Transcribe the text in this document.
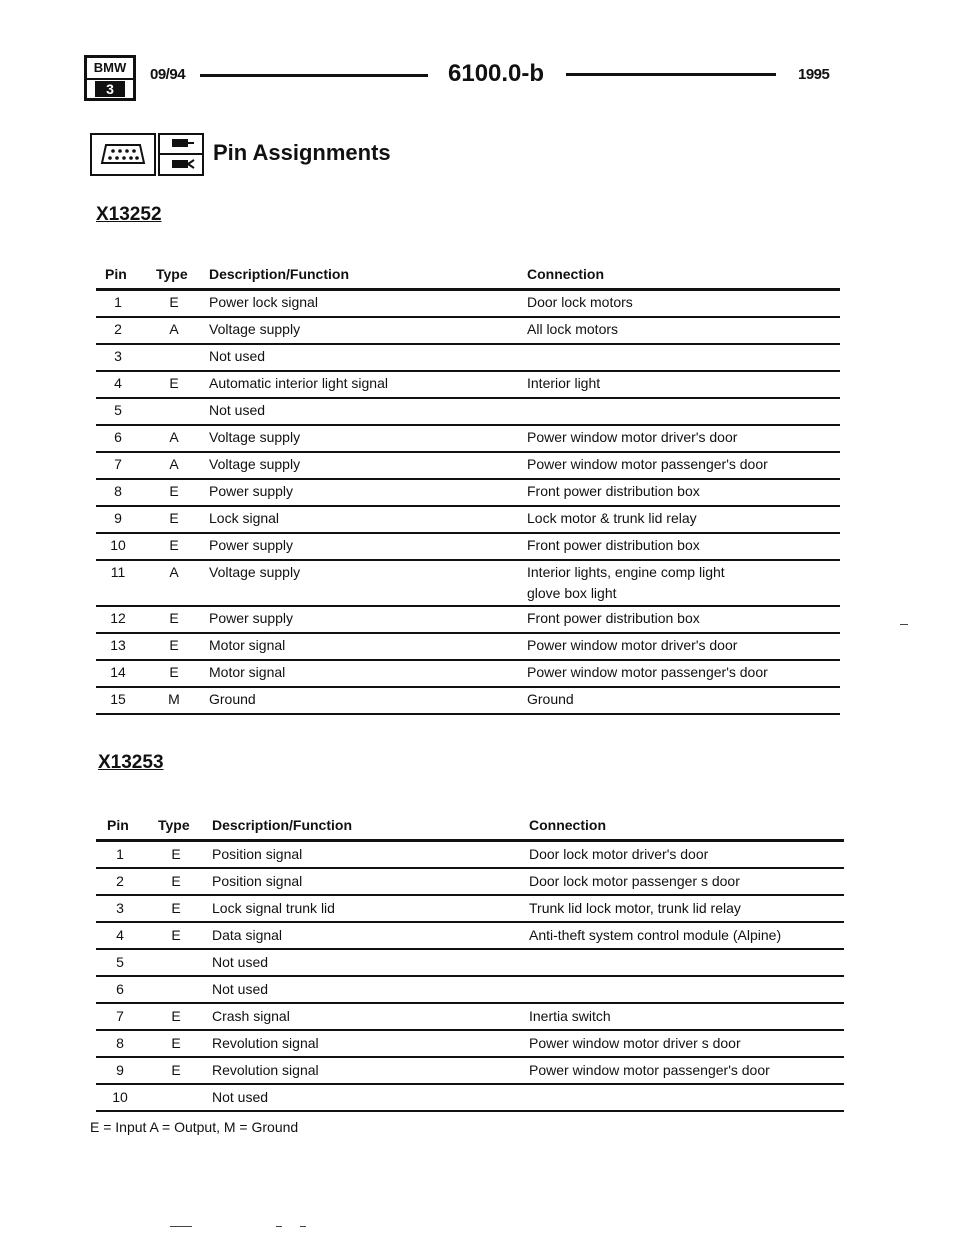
BMW
3
09/94	6100.0-b	1995
Pin Assignments
X13252
X13253
Pin Type Description/Function	Connection
1	E	Power lock signal	Door lock motors
2	A	Voltage supply	All lock motors
3	Not used
4	E	Automatic interior light signal	Interior light
5	Not used
6	A	Voltage supply	Power window motor driver's door
7	A	Voltage supply	Power window motor passenger's door
8	E	Power supply	Front power distribution box
9	E	Lock signal	Lock motor & trunk lid relay
10	E	Power supply	Front power distribution box
11	A	Voltage supply	Interior lights, engine comp light
glove box light
12	E	Power supply	Front power distribution box
13	E	Motor signal	Power window motor driver's door
14	E	Motor signal	Power window motor passenger's door
15	M	Ground	Ground
Pin Type Description/Function	Connection
1	E	Position signal	Door lock motor driver's door
2	E	Position signal	Door lock motor passenger s door
3	E	Lock signal trunk lid	Trunk lid lock motor, trunk lid relay
4	E	Data signal	Anti-theft system control module (Alpine)
5	Not used
6	Not used
7	E	Crash signal	Inertia switch
8	E	Revolution signal	Power window motor driver s door
9	E	Revolution signal	Power window motor passenger's door
10	Not used
E = Input A = Output, M = Ground
